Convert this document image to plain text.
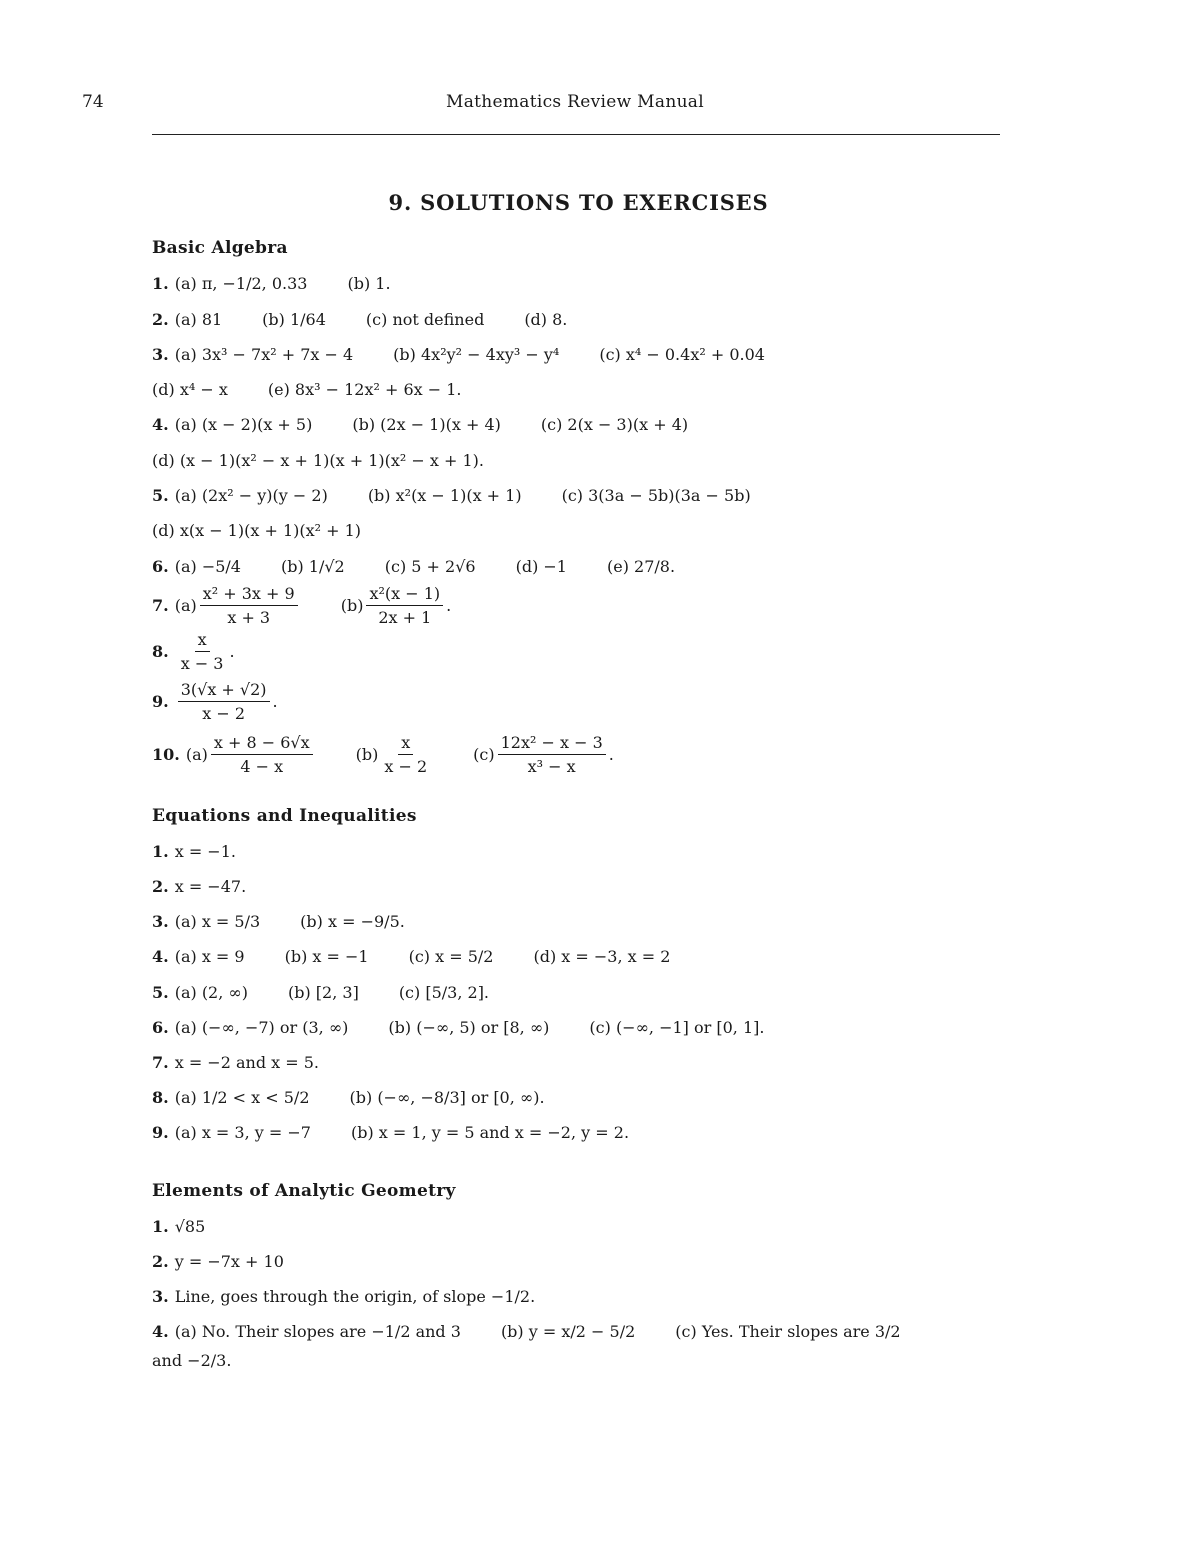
74	Mathematics Review Manual
9. SOLUTIONS TO EXERCISES
Basic Algebra
1. (a) π, −1/2, 0.33	(b) 1.
2. (a) 81	(b) 1/64	(c) not defined	(d) 8.
3. (a) 3x³ − 7x² + 7x − 4	(b) 4x²y² − 4xy³ − y⁴	(c) x⁴ − 0.4x² + 0.04
(d) x⁴ − x	(e) 8x³ − 12x² + 6x − 1.
4. (a) (x − 2)(x + 5)	(b) (2x − 1)(x + 4)	(c) 2(x − 3)(x + 4)
(d) (x − 1)(x² − x + 1)(x + 1)(x² − x + 1).
5. (a) (2x² − y)(y − 2)	(b) x²(x − 1)(x + 1)	(c) 3(3a − 5b)(3a − 5b)
(d) x(x − 1)(x + 1)(x² + 1)
6. (a) −5/4	(b) 1/√2	(c) 5 + 2√6	(d) −1	(e) 27/8.
7. $(a) \frac{\text{x² + 3x + 9}}{x + 3}$	$(b) \frac{\text{x²(x − 1)}}{2x + 1}$ .
8. $\frac{x}{x - 3}$ .
9. $\frac{3(√x + √2)}{x - 2}$ .
10. $(a) \frac{x + 8 - 6√x}{4 - x}$	$(b) \frac{x}{x - 2}$	$(c) \frac{\text{12x² − x − 3}}{\text{x³ − x}}$ .
Equations and Inequalities
1. x = −1.
2. x = −47.
3. (a) x = 5/3	(b) x = −9/5.
4. (a) x = 9	(b) x = −1	(c) x = 5/2	(d) x = −3, x = 2
5. (a) (2, ∞)	(b) [2, 3]	(c) [5/3, 2].
6. (a) (−∞, −7) or (3, ∞)	(b) (−∞, 5) or [8, ∞)	(c) (−∞, −1] or [0, 1].
7. x = −2 and x = 5.
8. (a) 1/2 < x < 5/2	(b) (−∞, −8/3] or [0, ∞).
9. (a) x = 3, y = −7	(b) x = 1, y = 5 and x = −2, y = 2.
Elements of Analytic Geometry
1. √85
2. y = −7x + 10
3. Line, goes through the origin, of slope −1/2.
4. (a) No. Their slopes are −1/2 and 3	(b) y = x/2 − 5/2	(c) Yes. Their slopes are 3/2
and −2/3.
